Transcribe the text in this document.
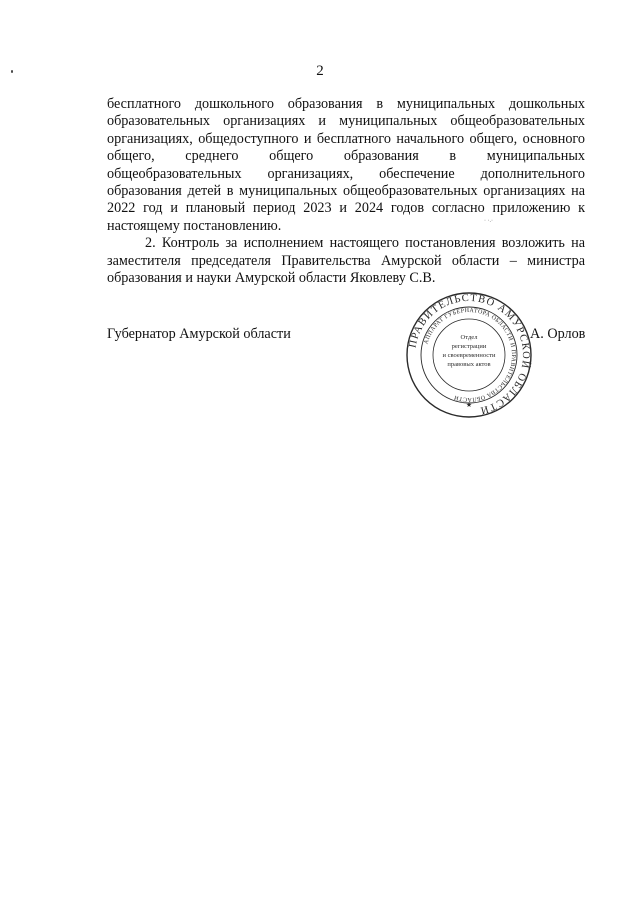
2

бесплатного дошкольного образования в муниципальных дошкольных образовательных организациях и муниципальных общеобразовательных организациях, общедоступного и бесплатного начального общего, основного общего, среднего общего образования в муниципальных общеобразовательных организациях, обеспечение дополнительного образования детей в муниципальных общеобразовательных организациях на 2022 год и плановый период 2023 и 2024 годов согласно приложению к настоящему постановлению.

2. Контроль за исполнением настоящего постановления возложить на заместителя председателя Правительства Амурской области – министра образования и науки Амурской области Яковлеву С.В.

Губернатор Амурской области	А. Орлов
ПРАВИТЕЛЬСТВО АМУРСКОЙ ОБЛАСТИ
АППАРАТ ГУБЕРНАТОРА ОБЛАСТИ И ПРАВИТЕЛЬСТВА ОБЛАСТИ
Отдел
регистрации
и своевременности
правовых актов
★
· ·.·
